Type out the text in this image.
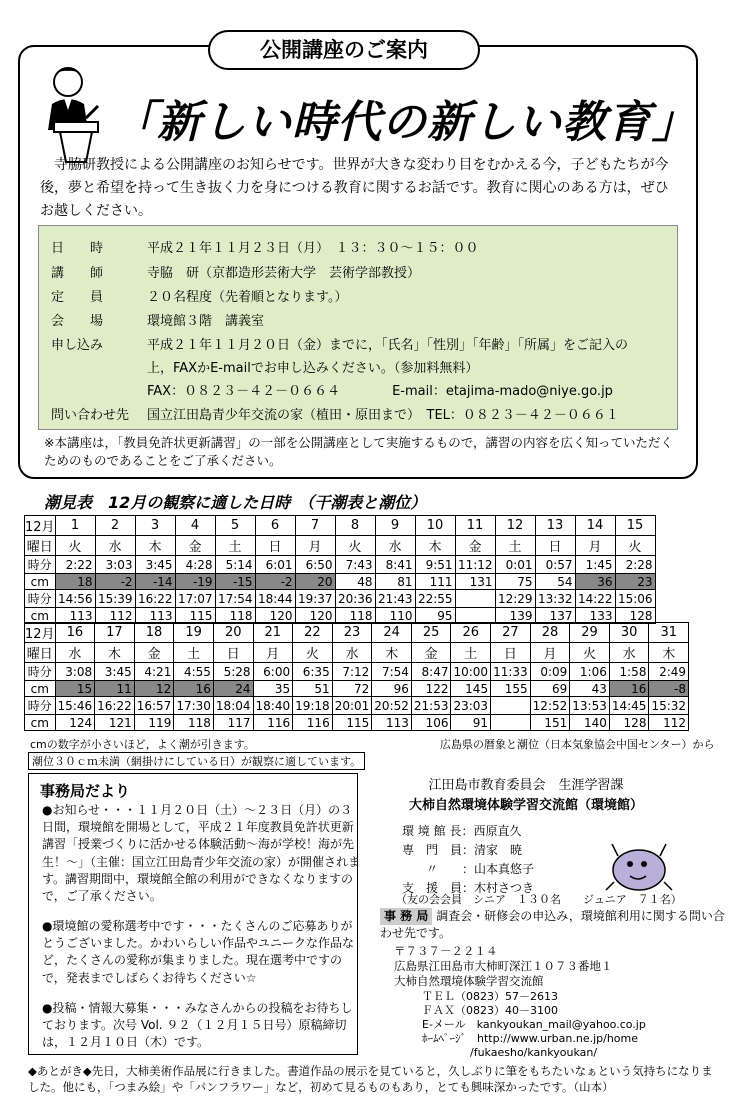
公開講座のご案内
「新しい時代の新しい教育」
寺脇研教授による公開講座のお知らせです。世界が大きな変わり目をむかえる今，子どもたちが今後，夢と希望を持って生き抜く力を身につける教育に関するお話です。教育に関心のある方は，ぜひお越しください。
日　　時	平成２１年１１月２３日（月）　１３：３０～１５：００
講　　師	寺脇　研（京都造形芸術大学　芸術学部教授）
定　　員	２０名程度（先着順となります。）
会　　場	環境館３階　講義室
申し込み	平成２１年１１月２０日（金）までに，「氏名」「性別」「年齢」「所属」をご記入の
上，FAXかE-mailでお申し込みください。（参加料無料）
FAX：０８２３－４２－０６６４　　　　E-mail：etajima-mado@niye.go.jp
問い合わせ先 国立江田島青少年交流の家（植田・原田まで）　TEL：０８２３－４２－０６６１
※本講座は，「教員免許状更新講習」の一部を公開講座として実施するもので，講習の内容を広く知っていただくためのものであることをご了承ください。
潮見表　12月の観察に適した日時　（干潮表と潮位）
12月	1	2	3	4	5	6	7	8	9	10	11	12	13	14	15
曜日	火	水	木	金	土	日	月	火	水	木	金	土	日	月	火
時分	2:22	3:03	3:45	4:28	5:14	6:01	6:50	7:43	8:41	9:51	11:12	0:01	0:57	1:45	2:28
cm	18	-2	-14	-19	-15	-2	20	48	81	111	131	75	54	36	23
時分	14:56	15:39	16:22	17:07	17:54	18:44	19:37	20:36	21:43	22:55		12:29	13:32	14:22	15:06
cm	113	112	113	115	118	120	120	118	110	95		139	137	133	128
12月	16	17	18	19	20	21	22	23	24	25	26	27	28	29	30	31
曜日	水	木	金	土	日	月	火	水	木	金	土	日	月	火	水	木
時分	3:08	3:45	4:21	4:55	5:28	6:00	6:35	7:12	7:54	8:47	10:00	11:33	0:09	1:06	1:58	2:49
cm	15	11	12	16	24	35	51	72	96	122	145	155	69	43	16	-8
時分	15:46	16:22	16:57	17:30	18:04	18:40	19:18	20:01	20:52	21:53	23:03		12:52	13:53	14:45	15:32
cm	124	121	119	118	117	116	116	115	113	106	91		151	140	128	112
cmの数字が小さいほど，よく潮が引きます。	広島県の暦象と潮位（日本気象協会中国センター）から
潮位３０ｃｍ未満（網掛けにしている日）が観察に適しています。
事務局だより
●お知らせ・・・１１月２０日（土）～２３日（月）の３日間，環境館を開場として，平成２１年度教員免許状更新講習「授業づくりに活かせる体験活動～海が学校！海が先生！～」（主催：国立江田島青少年交流の家）が開催されます。講習期間中，環境館全館の利用ができなくなりますので，ご了承ください。
●環境館の愛称選考中です・・・たくさんのご応募ありがとうございました。かわいらしい作品やユニークな作品など，たくさんの愛称が集まりました。現在選考中ですので，発表までしばらくお待ちください☆
●投稿・情報大募集・・・みなさんからの投稿をお待ちしております。次号 Vol. ９２（１２月１５日号）原稿締切は，１２月１０日（木）です。
江田島市教育委員会　生涯学習課
大柿自然環境体験学習交流館（環境館）
環 境 館 長：西原直久
専　門　員：清家　暁
　　〃　　：山本真悠子
支　援　員：木村さつき
（友の会会員　シニア　１３０名　　ジュニア　７１名）
事 務 局 調査会・研修会の申込み，環境館利用に関する問い合わせ先です。
〒７３７－２２１４
広島県江田島市大柿町深江１０７３番地１
大柿自然環境体験学習交流館
ＴＥＬ（0823）57－2613
ＦＡＸ（0823）40－3100
E-メール　kankyoukan_mail@yahoo.co.jp
ﾎｰﾑﾍﾟｰｼﾞ　http://www.urban.ne.jp/home
/fukaesho/kankyoukan/
◆あとがき◆先日，大柿美術作品展に行きました。書道作品の展示を見ていると，久しぶりに筆をもちたいなぁという気持ちになりました。他にも，「つまみ絵」や「パンフラワー」など，初めて見るものもあり，とても興味深かったです。（山本）
